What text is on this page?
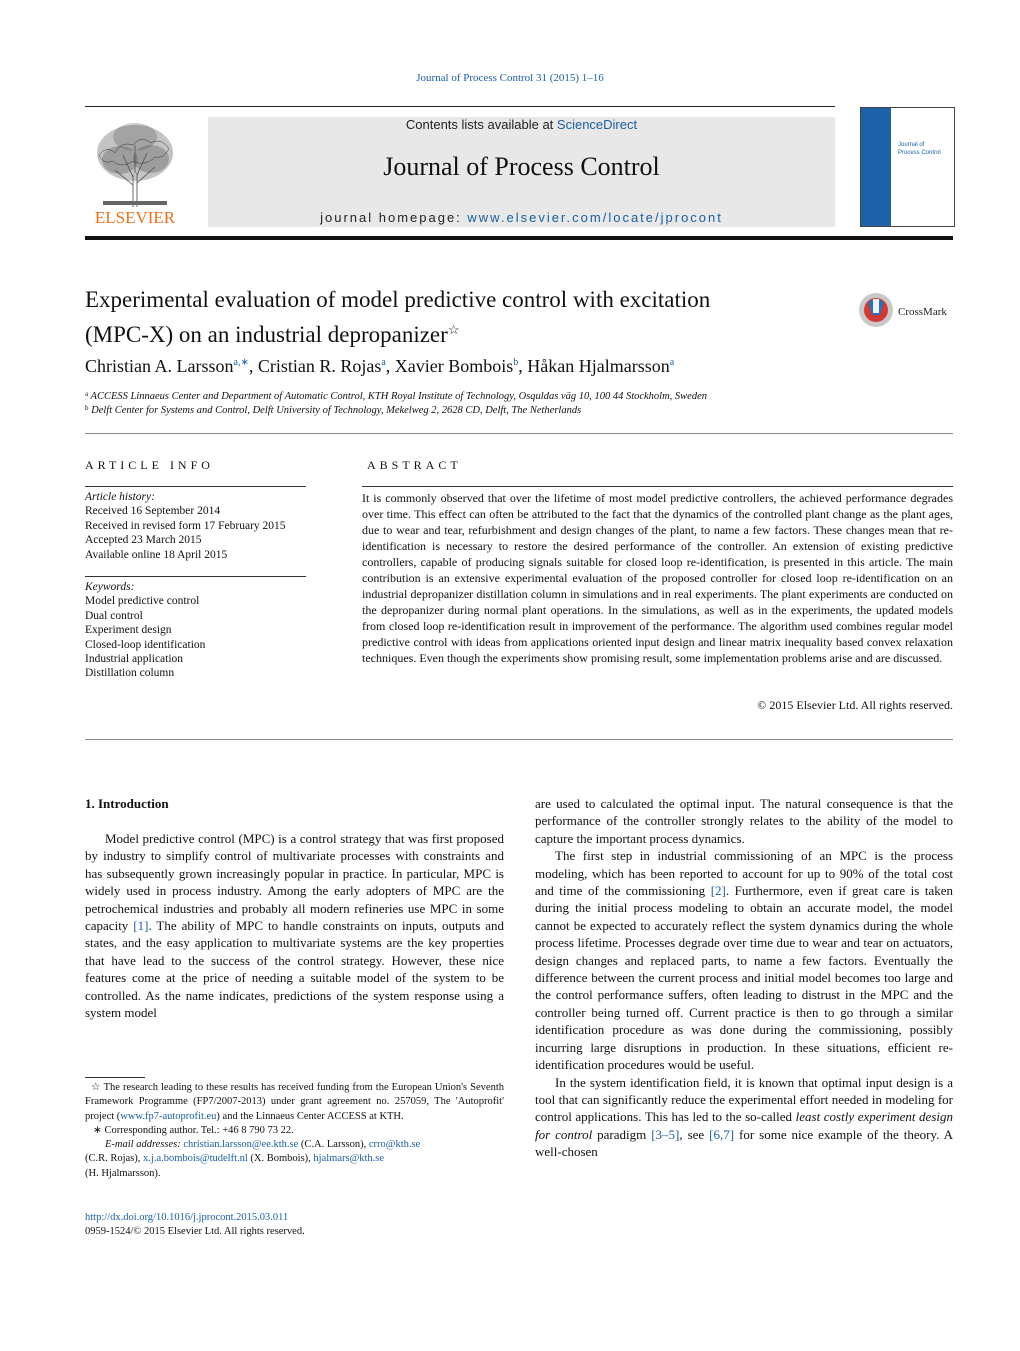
Journal of Process Control 31 (2015) 1–16
ELSEVIER
Contents lists available at ScienceDirect
Journal of Process Control
journal homepage: www.elsevier.com/locate/jprocont
Journal of
Process Control
Experimental evaluation of model predictive control with excitation
(MPC-X) on an industrial depropanizer☆
CrossMark
Christian A. Larsson$^{a,∗}$, Cristian R. Rojas$^a$, Xavier Bombois$^b$, Håkan Hjalmarsson$^a$
$^a$ ACCESS Linnaeus Center and Department of Automatic Control, KTH Royal Institute of Technology, Osquldas väg 10, 100 44 Stockholm, Sweden
$^b$ Delft Center for Systems and Control, Delft University of Technology, Mekelweg 2, 2628 CD, Delft, The Netherlands
ARTICLE INFO
Article history:
Received 16 September 2014
Received in revised form 17 February 2015
Accepted 23 March 2015
Available online 18 April 2015
Keywords:
Model predictive control
Dual control
Experiment design
Closed-loop identification
Industrial application
Distillation column
ABSTRACT
It is commonly observed that over the lifetime of most model predictive controllers, the achieved performance degrades over time. This effect can often be attributed to the fact that the dynamics of the controlled plant change as the plant ages, due to wear and tear, refurbishment and design changes of the plant, to name a few factors. These changes mean that re-identification is necessary to restore the desired performance of the controller. An extension of existing predictive controllers, capable of producing signals suitable for closed loop re-identification, is presented in this article. The main contribution is an extensive experimental evaluation of the proposed controller for closed loop re-identification on an industrial depropanizer distillation column in simulations and in real experiments. The plant experiments are conducted on the depropanizer during normal plant operations. In the simulations, as well as in the experiments, the updated models from closed loop re-identification result in improvement of the performance. The algorithm used combines regular model predictive control with ideas from applications oriented input design and linear matrix inequality based convex relaxation techniques. Even though the experiments show promising result, some implementation problems arise and are discussed.
© 2015 Elsevier Ltd. All rights reserved.
1. Introduction

Model predictive control (MPC) is a control strategy that was first proposed by industry to simplify control of multivariate processes with constraints and has subsequently grown increasingly popular in practice. In particular, MPC is widely used in process industry. Among the early adopters of MPC are the petrochemical industries and probably all modern refineries use MPC in some capacity [1]. The ability of MPC to handle constraints on inputs, outputs and states, and the easy application to multivariate systems are the key properties that have lead to the success of the control strategy. However, these nice features come at the price of needing a suitable model of the system to be controlled. As the name indicates, predictions of the system response using a system model

are used to calculated the optimal input. The natural consequence is that the performance of the controller strongly relates to the ability of the model to capture the important process dynamics.

The first step in industrial commissioning of an MPC is the process modeling, which has been reported to account for up to 90% of the total cost and time of the commissioning [2]. Furthermore, even if great care is taken during the initial process modeling to obtain an accurate model, the model cannot be expected to accurately reflect the system dynamics during the whole process lifetime. Processes degrade over time due to wear and tear on actuators, design changes and replaced parts, to name a few factors. Eventually the difference between the current process and initial model becomes too large and the control performance suffers, often leading to distrust in the MPC and the controller being turned off. Current practice is then to go through a similar identification procedure as was done during the commissioning, possibly incurring large disruptions in production. In these situations, efficient re-identification procedures would be useful.

In the system identification field, it is known that optimal input design is a tool that can significantly reduce the experimental effort needed in modeling for control applications. This has led to the so-called least costly experiment design for control paradigm [3–5], see [6,7] for some nice example of the theory. A well-chosen

☆ The research leading to these results has received funding from the European Union's Seventh Framework Programme (FP7/2007-2013) under grant agreement no. 257059, The 'Autoprofit' project (www.fp7-autoprofit.eu) and the Linnaeus Center ACCESS at KTH.

∗ Corresponding author. Tel.: +46 8 790 73 22.

E-mail addresses: christian.larsson@ee.kth.se (C.A. Larsson), crro@kth.se
(C.R. Rojas), x.j.a.bombois@tudelft.nl (X. Bombois), hjalmars@kth.se
(H. Hjalmarsson).

http://dx.doi.org/10.1016/j.jprocont.2015.03.011
0959-1524/© 2015 Elsevier Ltd. All rights reserved.
